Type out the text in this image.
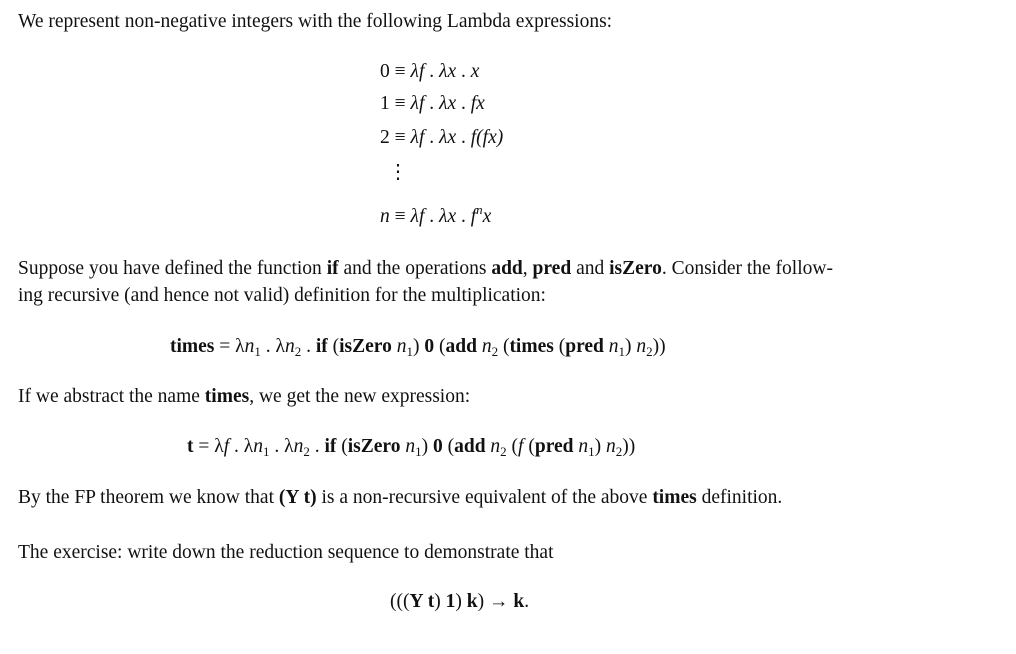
We represent non-negative integers with the following Lambda expressions:
0 ≡ λf . λx . x
1 ≡ λf . λx . fx
2 ≡ λf . λx . f(fx)
⋮
n ≡ λf . λx . $f^nx$
Suppose you have defined the function if and the operations add, pred and isZero. Consider the follow-
ing recursive (and hence not valid) definition for the multiplication:
times = $\lambda n_1$ . $\lambda n_2$ . if (isZero $n_1$) 0 (add $n_2$ (times (pred $n_1$) $n_2$))
If we abstract the name times, we get the new expression:
t = λf . $\lambda n_1$ . $\lambda n_2$ . if (isZero $n_1$) 0 (add $n_2$ (f (pred $n_1$) $n_2$))
By the FP theorem we know that (Y t) is a non-recursive equivalent of the above times definition.
The exercise: write down the reduction sequence to demonstrate that
(((Y t) 1) k) → k.
